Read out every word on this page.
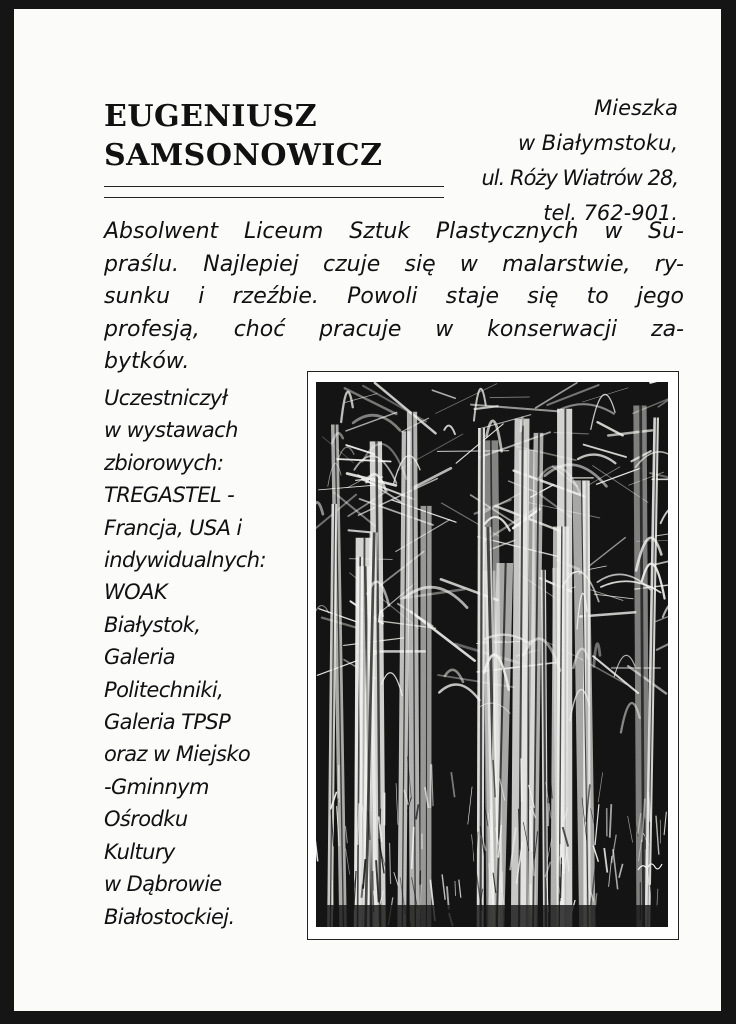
EUGENIUSZ
SAMSONOWICZ
Mieszka
w Białymstoku,
ul. Róży Wiatrów 28,
tel. 762-901.

Absolwent Liceum Sztuk Plastycznych w Su-
praślu. Najlepiej czuje się w malarstwie, ry-
sunku i rzeźbie. Powoli staje się to jego
profesją, choć pracuje w konserwacji za-
bytków.

Uczestniczył
w wystawach
zbiorowych:
TREGASTEL -
Francja, USA i
indywidualnych:
WOAK
Białystok,
Galeria
Politechniki,
Galeria TPSP
oraz w Miejsko
-Gminnym
Ośrodku
Kultury
w Dąbrowie
Białostockiej.
